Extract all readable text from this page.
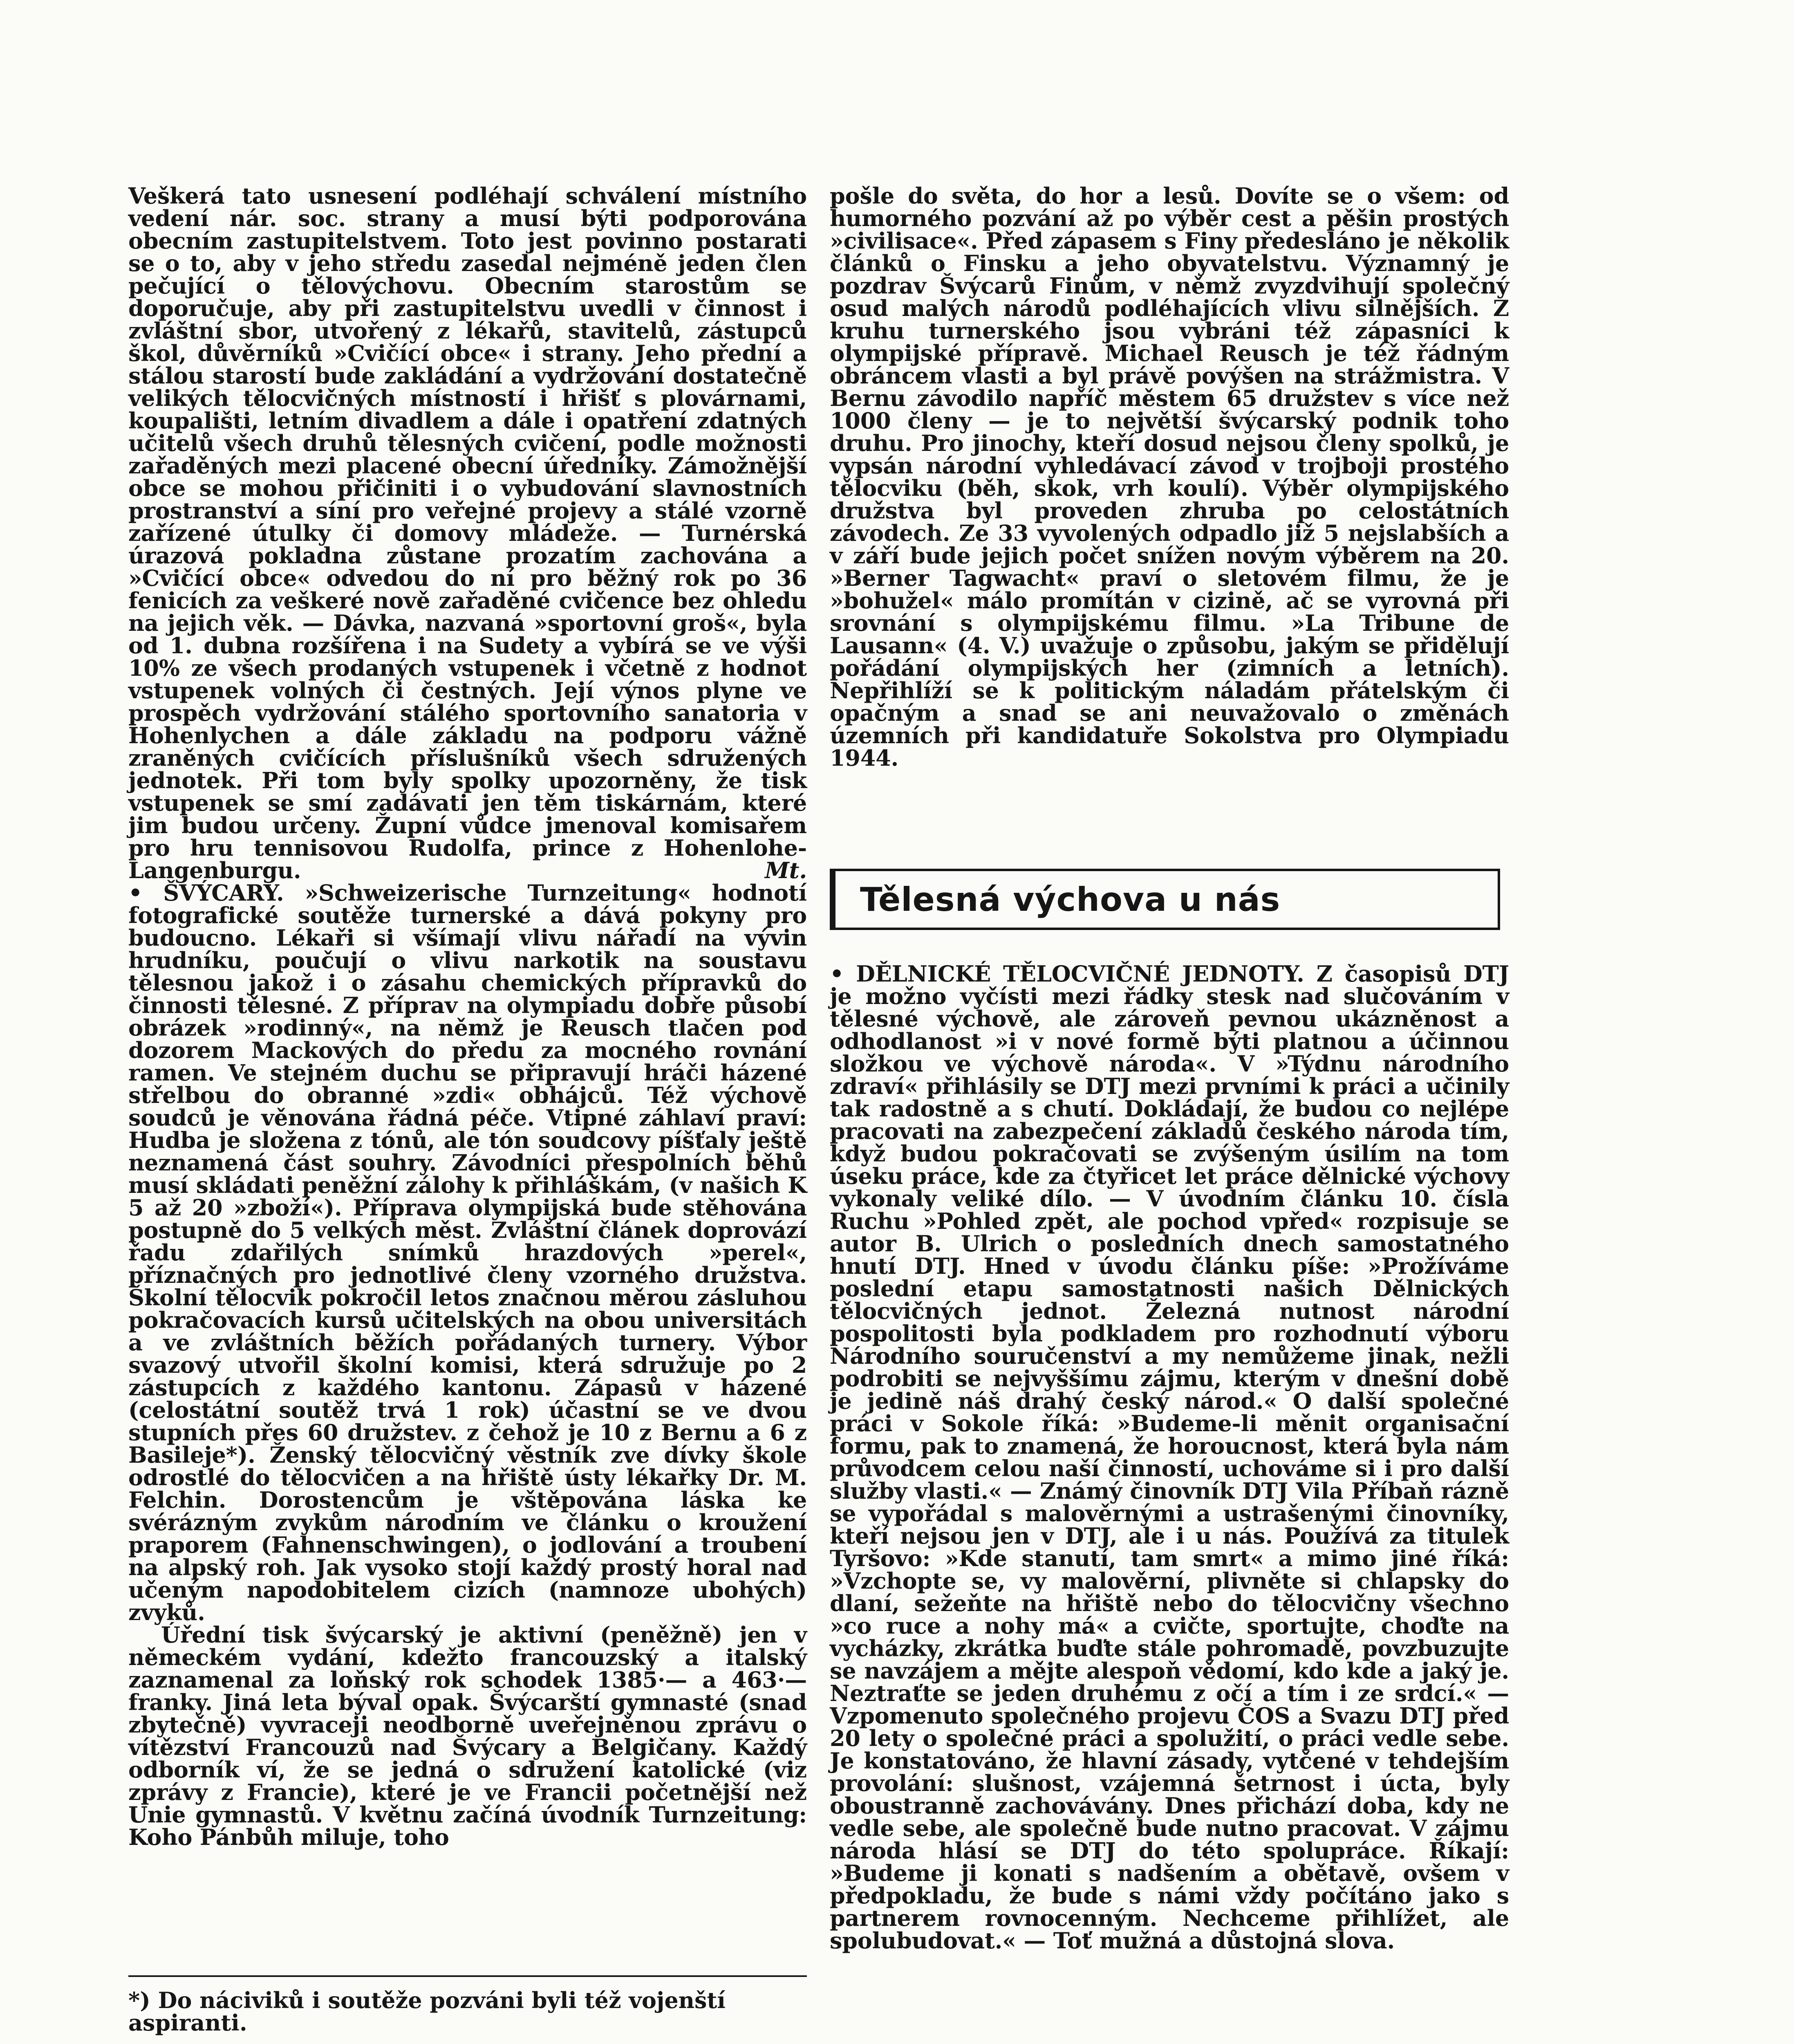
Veškerá tato usnesení podléhají schválení místního vedení nár. soc. strany a musí býti podporována obecním zastupitelstvem. Toto jest povinno postarati se o to, aby v jeho středu zasedal nejméně jeden člen pečující o tělovýchovu. Obecním starostům se doporučuje, aby při zastupitelstvu uvedli v činnost i zvláštní sbor, utvořený z lékařů, stavitelů, zástupců škol, důvěrníků »Cvičící obce« i strany. Jeho přední a stálou starostí bude zakládání a vydržování dostatečně velikých tělocvičných místností i hřišť s plovárnami, koupališti, letním divadlem a dále i opatření zdatných učitelů všech druhů tělesných cvičení, podle možnosti zařaděných mezi placené obecní úředníky. Zámožnější obce se mohou přičiniti i o vybudování slavnostních prostranství a síní pro veřejné projevy a stálé vzorně zařízené útulky či domovy mládeže. — Turnérská úrazová pokladna zůstane prozatím zachována a »Cvičící obce« odvedou do ní pro běžný rok po 36 fenicích za veškeré nově zařaděné cvičence bez ohledu na jejich věk. — Dávka, nazvaná »sportovní groš«, byla od 1. dubna rozšířena i na Sudety a vybírá se ve výši 10% ze všech prodaných vstupenek i včetně z hodnot vstupenek volných či čestných. Její výnos plyne ve prospěch vydržování stálého sportovního sanatoria v Hohenlychen a dále základu na podporu vážně zraněných cvičících příslušníků všech sdružených jednotek. Při tom byly spolky upozorněny, že tisk vstupenek se smí zadávati jen těm tiskárnám, které jim budou určeny. Župní vůdce jmenoval komisařem pro hru tennisovou Rudolfa, prince z Hohenlohe-Langenburgu.	Mt.

• ŠVÝCARY. »Schweizerische Turnzeitung« hodnotí fotografické soutěže turnerské a dává pokyny pro budoucno. Lékaři si všímají vlivu nářadí na vývin hrudníku, poučují o vlivu narkotik na soustavu tělesnou jakož i o zásahu chemických přípravků do činnosti tělesné. Z příprav na olympiadu dobře působí obrázek »rodinný«, na němž je Reusch tlačen pod dozorem Mackových do předu za mocného rovnání ramen. Ve stejném duchu se připravují hráči házené střelbou do obranné »zdi« obhájců. Též výchově soudců je věnována řádná péče. Vtipné záhlaví praví: Hudba je složena z tónů, ale tón soudcovy píšťaly ještě neznamená část souhry. Závodníci přespolních běhů musí skládati peněžní zálohy k přihláškám, (v našich K 5 až 20 »zboží«). Příprava olympijská bude stěhována postupně do 5 velkých měst. Zvláštní článek doprovází řadu zdařilých snímků hrazdových »perel«, příznačných pro jednotlivé členy vzorného družstva. Školní tělocvik pokročil letos značnou měrou zásluhou pokračovacích kursů učitelských na obou universitách a ve zvláštních běžích pořádaných turnery. Výbor svazový utvořil školní komisi, která sdružuje po 2 zástupcích z každého kantonu. Zápasů v házené (celostátní soutěž trvá 1 rok) účastní se ve dvou stupních přes 60 družstev. z čehož je 10 z Bernu a 6 z Basileje*). Ženský tělocvičný věstník zve dívky škole odrostlé do tělocvičen a na hřiště ústy lékařky Dr. M. Felchin. Dorostencům je vštěpována láska ke svérázným zvykům národním ve článku o kroužení praporem (Fahnenschwingen), o jodlování a troubení na alpský roh. Jak vysoko stojí každý prostý horal nad učeným napodobitelem cizích (namnoze ubohých) zvyků.

Úřední tisk švýcarský je aktivní (peněžně) jen v německém vydání, kdežto francouzský a italský zaznamenal za loňský rok schodek 1385·— a 463·— franky. Jiná leta býval opak. Švýcarští gymnasté (snad zbytečně) vyvraceji neodborně uveřejněnou zprávu o vítězství Francouzů nad Švýcary a Belgičany. Každý odborník ví, že se jedná o sdružení katolické (viz zprávy z Francie), které je ve Francii početnější než Unie gymnastů. V květnu začíná úvodník Turnzeitung: Koho Pánbůh miluje, toho

*) Do náciviků i soutěže pozváni byli též vojenští aspiranti.

pošle do světa, do hor a lesů. Dovíte se o všem: od humorného pozvání až po výběr cest a pěšin prostých »civilisace«. Před zápasem s Finy předesláno je několik článků o Finsku a jeho obyvatelstvu. Významný je pozdrav Švýcarů Finům, v němž zvyzdvihují společný osud malých národů podléhajících vlivu silnějších. Z kruhu turnerského jsou vybráni též zápasníci k olympijské přípravě. Michael Reusch je též řádným obráncem vlasti a byl právě povýšen na strážmistra. V Bernu závodilo napříč městem 65 družstev s více než 1000 členy — je to největší švýcarský podnik toho druhu. Pro jinochy, kteří dosud nejsou členy spolků, je vypsán národní vyhledávací závod v trojboji prostého tělocviku (běh, skok, vrh koulí). Výběr olympijského družstva byl proveden zhruba po celostátních závodech. Ze 33 vyvolených odpadlo již 5 nejslabších a v září bude jejich počet snížen novým výběrem na 20. »Berner Tagwacht« praví o sletovém filmu, že je »bohužel« málo promítán v cizině, ač se vyrovná při srovnání s olympijskému filmu. »La Tribune de Lausann« (4. V.) uvažuje o způsobu, jakým se přidělují pořádání olympijských her (zimních a letních). Nepřihlíží se k politickým náladám přátelským či opačným a snad se ani neuvažovalo o změnách územních při kandidatuře Sokolstva pro Olympiadu 1944.

Tělesná výchova u nás

• DĚLNICKÉ TĚLOCVIČNÉ JEDNOTY. Z časopisů DTJ je možno vyčísti mezi řádky stesk nad slučováním v tělesné výchově, ale zároveň pevnou ukázněnost a odhodlanost »i v nové formě býti platnou a účinnou složkou ve výchově národa«. V »Týdnu národního zdraví« přihlásily se DTJ mezi prvními k práci a učinily tak radostně a s chutí. Dokládají, že budou co nejlépe pracovati na zabezpečení základů českého národa tím, když budou pokračovati se zvýšeným úsilím na tom úseku práce, kde za čtyřicet let práce dělnické výchovy vykonaly veliké dílo. — V úvodním článku 10. čísla Ruchu »Pohled zpět, ale pochod vpřed« rozpisuje se autor B. Ulrich o posledních dnech samostatného hnutí DTJ. Hned v úvodu článku píše: »Prožíváme poslední etapu samostatnosti našich Dělnických tělocvičných jednot. Železná nutnost národní pospolitosti byla podkladem pro rozhodnutí výboru Národního souručenství a my nemůžeme jinak, nežli podrobiti se nejvyššímu zájmu, kterým v dnešní době je jedině náš drahý český národ.« O další společné práci v Sokole říká: »Budeme-li měnit organisační formu, pak to znamená, že horoucnost, která byla nám průvodcem celou naší činností, uchováme si i pro další služby vlasti.« — Známý činovník DTJ Vila Příbaň rázně se vypořádal s malověrnými a ustrašenými činovníky, kteří nejsou jen v DTJ, ale i u nás. Používá za titulek Tyršovo: »Kde stanutí, tam smrt« a mimo jiné říká: »Vzchopte se, vy malověrní, plivněte si chlapsky do dlaní, sežeňte na hřiště nebo do tělocvičny všechno »co ruce a nohy má« a cvičte, sportujte, choďte na vycházky, zkrátka buďte stále pohromadě, povzbuzujte se navzájem a mějte alespoň vědomí, kdo kde a jaký je. Neztraťte se jeden druhému z očí a tím i ze srdcí.« — Vzpomenuto společného projevu ČOS a Svazu DTJ před 20 lety o společné práci a spolužití, o práci vedle sebe. Je konstatováno, že hlavní zásady, vytčené v tehdejším provolání: slušnost, vzájemná šetrnost i úcta, byly oboustranně zachovávány. Dnes přichází doba, kdy ne vedle sebe, ale společně bude nutno pracovat. V zájmu národa hlásí se DTJ do této spolupráce. Říkají: »Budeme ji konati s nadšením a obětavě, ovšem v předpokladu, že bude s námi vždy počítáno jako s partnerem rovnocenným. Nechceme přihlížet, ale spolubudovat.« — Toť mužná a důstojná slova.
